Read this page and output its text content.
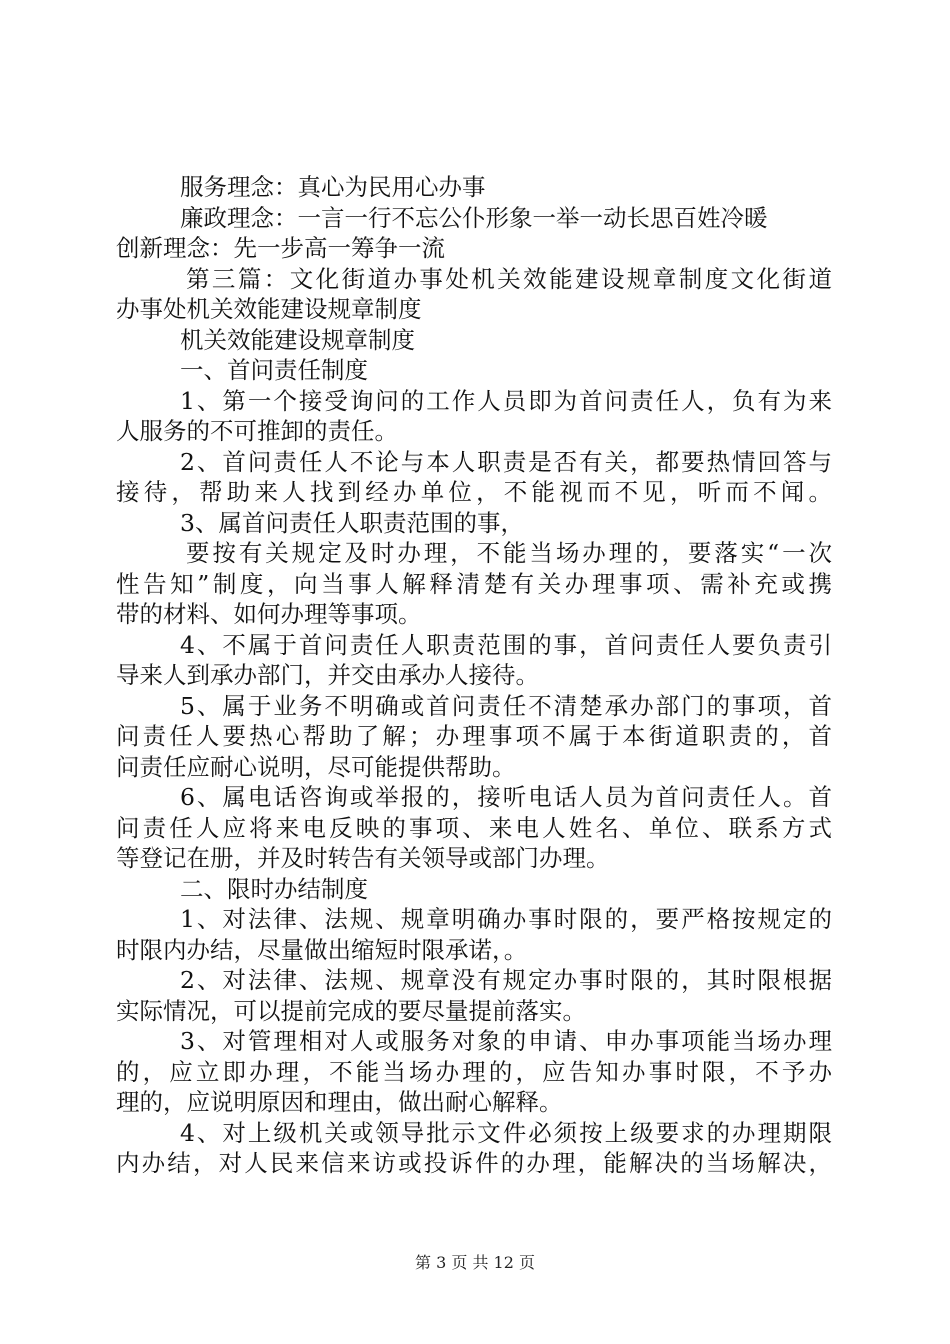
服务理念：真心为民用心办事
廉政理念：一言一行不忘公仆形象一举一动长思百姓冷暖
创新理念：先一步高一筹争一流
第三篇：文化街道办事处机关效能建设规章制度文化街道
办事处机关效能建设规章制度
机关效能建设规章制度
一、首问责任制度
1、第一个接受询问的工作人员即为首问责任人，负有为来
人服务的不可推卸的责任。
2、首问责任人不论与本人职责是否有关，都要热情回答与
接待，帮助来人找到经办单位，不能视而不见，听而不闻。
3、属首问责任人职责范围的事，
要按有关规定及时办理，不能当场办理的，要落实“一次
性告知”制度，向当事人解释清楚有关办理事项、需补充或携
带的材料、如何办理等事项。
4、不属于首问责任人职责范围的事，首问责任人要负责引
导来人到承办部门，并交由承办人接待。
5、属于业务不明确或首问责任不清楚承办部门的事项，首
问责任人要热心帮助了解；办理事项不属于本街道职责的，首
问责任应耐心说明，尽可能提供帮助。
6、属电话咨询或举报的，接听电话人员为首问责任人。首
问责任人应将来电反映的事项、来电人姓名、单位、联系方式
等登记在册，并及时转告有关领导或部门办理。
二、限时办结制度
1、对法律、法规、规章明确办事时限的，要严格按规定的
时限内办结，尽量做出缩短时限承诺，。
2、对法律、法规、规章没有规定办事时限的，其时限根据
实际情况，可以提前完成的要尽量提前落实。
3、对管理相对人或服务对象的申请、申办事项能当场办理
的，应立即办理，不能当场办理的，应告知办事时限，不予办
理的，应说明原因和理由，做出耐心解释。
4、对上级机关或领导批示文件必须按上级要求的办理期限
内办结，对人民来信来访或投诉件的办理，能解决的当场解决，
第 3 页 共 12 页
